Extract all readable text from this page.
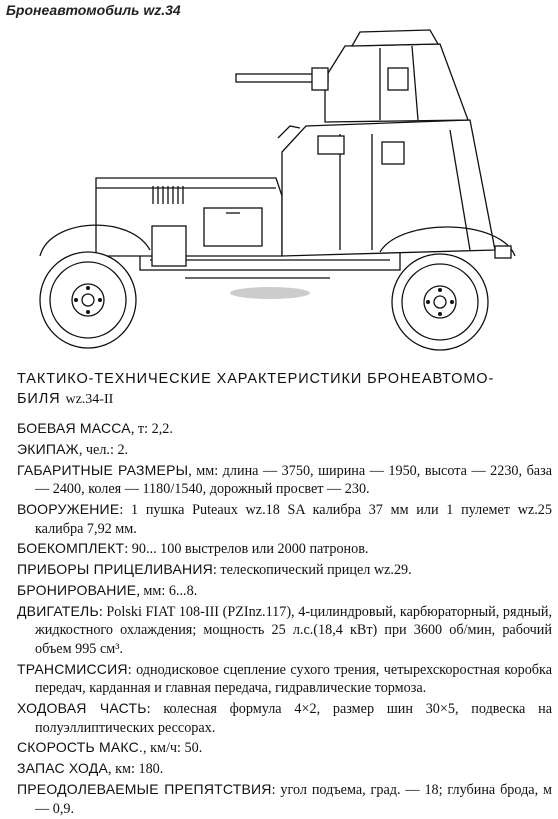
Бронеавтомобиль wz.34
ТАКТИКО-ТЕХНИЧЕСКИЕ ХАРАКТЕРИСТИКИ БРОНЕАВТОМО-
БИЛЯ wz.34-II
БОЕВАЯ МАССА, т: 2,2.
ЭКИПАЖ, чел.: 2.
ГАБАРИТНЫЕ РАЗМЕРЫ, мм: длина — 3750, ширина — 1950, высота — 2230, база — 2400, колея — 1180/1540, дорожный просвет — 230.
ВООРУЖЕНИЕ: 1 пушка Puteaux wz.18 SA калибра 37 мм или 1 пулемет wz.25 калибра 7,92 мм.
БОЕКОМПЛЕКТ: 90... 100 выстрелов или 2000 патронов.
ПРИБОРЫ ПРИЦЕЛИВАНИЯ: телескопический прицел wz.29.
БРОНИРОВАНИЕ, мм: 6...8.
ДВИГАТЕЛЬ: Polski FIAT 108-III (PZInz.117), 4-цилиндровый, карбюраторный, рядный, жидкостного охлаждения; мощность 25 л.с.(18,4 кВт) при 3600 об/мин, рабочий объем 995 см³.
ТРАНСМИССИЯ: однодисковое сцепление сухого трения, четырехскоростная коробка передач, карданная и главная передача, гидравлические тормоза.
ХОДОВАЯ ЧАСТЬ: колесная формула 4×2, размер шин 30×5, подвеска на полуэллиптических рессорах.
СКОРОСТЬ МАКС., км/ч: 50.
ЗАПАС ХОДА, км: 180.
ПРЕОДОЛЕВАЕМЫЕ ПРЕПЯТСТВИЯ: угол подъема, град. — 18; глубина брода, м — 0,9.
